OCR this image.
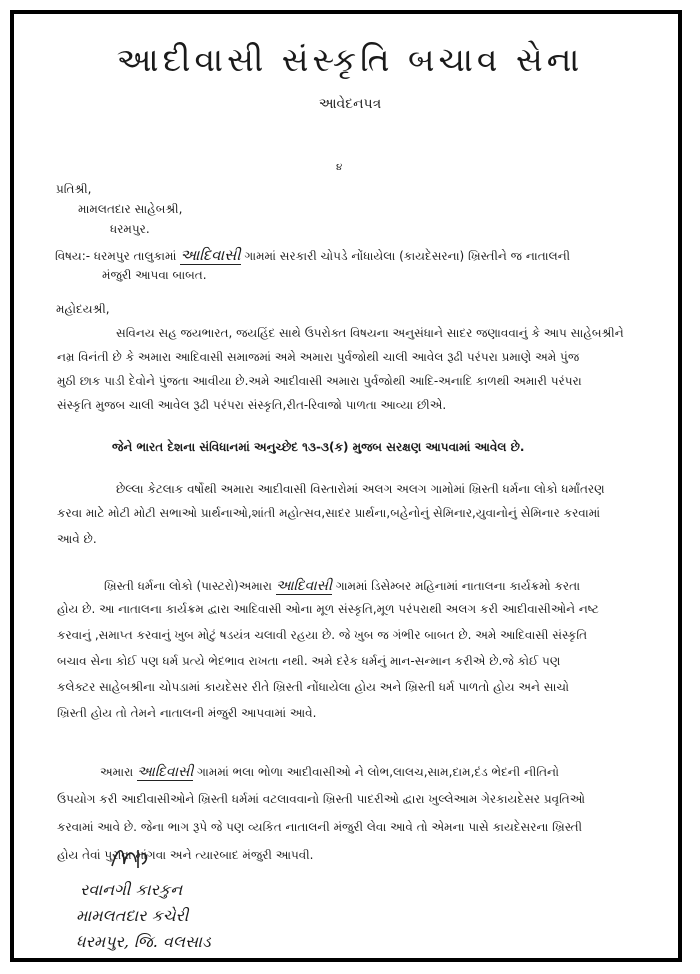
આદીવાસી સંસ્કૃતિ બચાવ સેના
આવેદનપત્ર
૪
પ્રતિશ્રી,
મામલતદાર સાહેબશ્રી,
ધરમપુર.
વિષય:- ધરમપુર તાલુકામાં આદિવાસી ગામમાં સરકારી ચોપડે નોંધાયેલા (કાયદેસરના) ખ્રિસ્તીને જ નાતાલની
મંજુરી આપવા બાબત.
મહોદયશ્રી,
સવિનય સહ જયભારત, જયહિંદ સાથે ઉપરોક્ત વિષયના અનુસંધાને સાદર જણાવવાનું કે આપ સાહેબશ્રીને
નમ્ર વિનંતી છે કે અમારા આદિવાસી સમાજમાં અમે અમારા પુર્વજોથી ચાલી આવેલ રૂઢી પરંપરા પ્રમાણે અમે પુંજ
મુઠી છાક પાડી દેવોને પુંજતા આવીયા છે.અમે આદીવાસી અમારા પુર્વજોથી આદિ-અનાદિ કાળથી અમારી પરંપરા
સંસ્કૃતિ મુજબ ચાલી આવેલ રૂઢી પરંપરા સંસ્કૃતિ,રીત-રિવાજો પાળતા આવ્યા છીએ.
જેને ભારત દેશના સંવિધાનમાં અનુચ્છેદ ૧૩-૩(ક) મુજબ સરક્ષણ આપવામાં આવેલ છે.
છેલ્લા કેટલાક વર્ષોથી અમારા આદીવાસી વિસ્તારોમાં અલગ અલગ ગામોમાં ખ્રિસ્તી ધર્મના લોકો ધર્માંતરણ
કરવા માટે મોટી મોટી સભાઓ પ્રાર્થનાઓ,શાંતી મહોત્સવ,સાદર પ્રાર્થના,બહેનોનું સેમિનાર,યુવાનોનું સેમિનાર કરવામાં
આવે છે.
ખ્રિસ્તી ધર્મના લોકો (પાસ્ટરો)અમારા આદિવાસી ગામમાં ડિસેમ્બર મહિનામાં નાતાલના કાર્યક્રમો કરતા
હોય છે. આ નાતાલના કાર્યક્રમ દ્વારા આદિવાસી ઓના મૂળ સંસ્કૃતિ,મૂળ પરંપરાથી અલગ કરી આદીવાસીઓને નષ્ટ
કરવાનું ,સમાપ્ત કરવાનું ખુબ મોટું ષડયંત્ર ચલાવી રહયા છે. જે ખુબ જ ગંભીર બાબત છે. અમે આદિવાસી સંસ્કૃતિ
બચાવ સેના કોઈ પણ ધર્મ પ્રત્યે ભેદભાવ રાખતા નથી. અમે દરેક ધર્મનું માન-સન્માન કરીએ છે.જે કોઈ પણ
કલેક્ટર સાહેબશ્રીના ચોપડામાં કાયદેસર રીતે ખ્રિસ્તી નોંધાયેલા હોય અને ખ્રિસ્તી ધર્મ પાળતો હોય અને સાચો
ખ્રિસ્તી હોય તો તેમને નાતાલની મંજુરી આપવામાં આવે.
અમારા આદિવાસી ગામમાં ભલા ભોળા આદીવાસીઓ ને લોભ,લાલચ,સામ,દામ,દંડ ભેદની નીતિનો
ઉપયોગ કરી આદીવાસીઓને ખ્રિસ્તી ધર્મમાં વટલાવવાનો ખ્રિસ્તી પાદરીઓ દ્વારા ખુલ્લેઆમ ગેરકાયદેસર પ્રવૃતિઓ
કરવામાં આવે છે. જેના ભાગ રૂપે જે પણ વ્યકિત નાતાલની મંજુરી લેવા આવે તો એમના પાસે કાયદેસરના ખ્રિસ્તી
હોય તેવાં પુરાવા માંગવા અને ત્યારબાદ મંજુરી આપવી.
રવાનગી કારકુન
મામલતદાર કચેરી
ધરમપુર, જિ. વલસાડ
